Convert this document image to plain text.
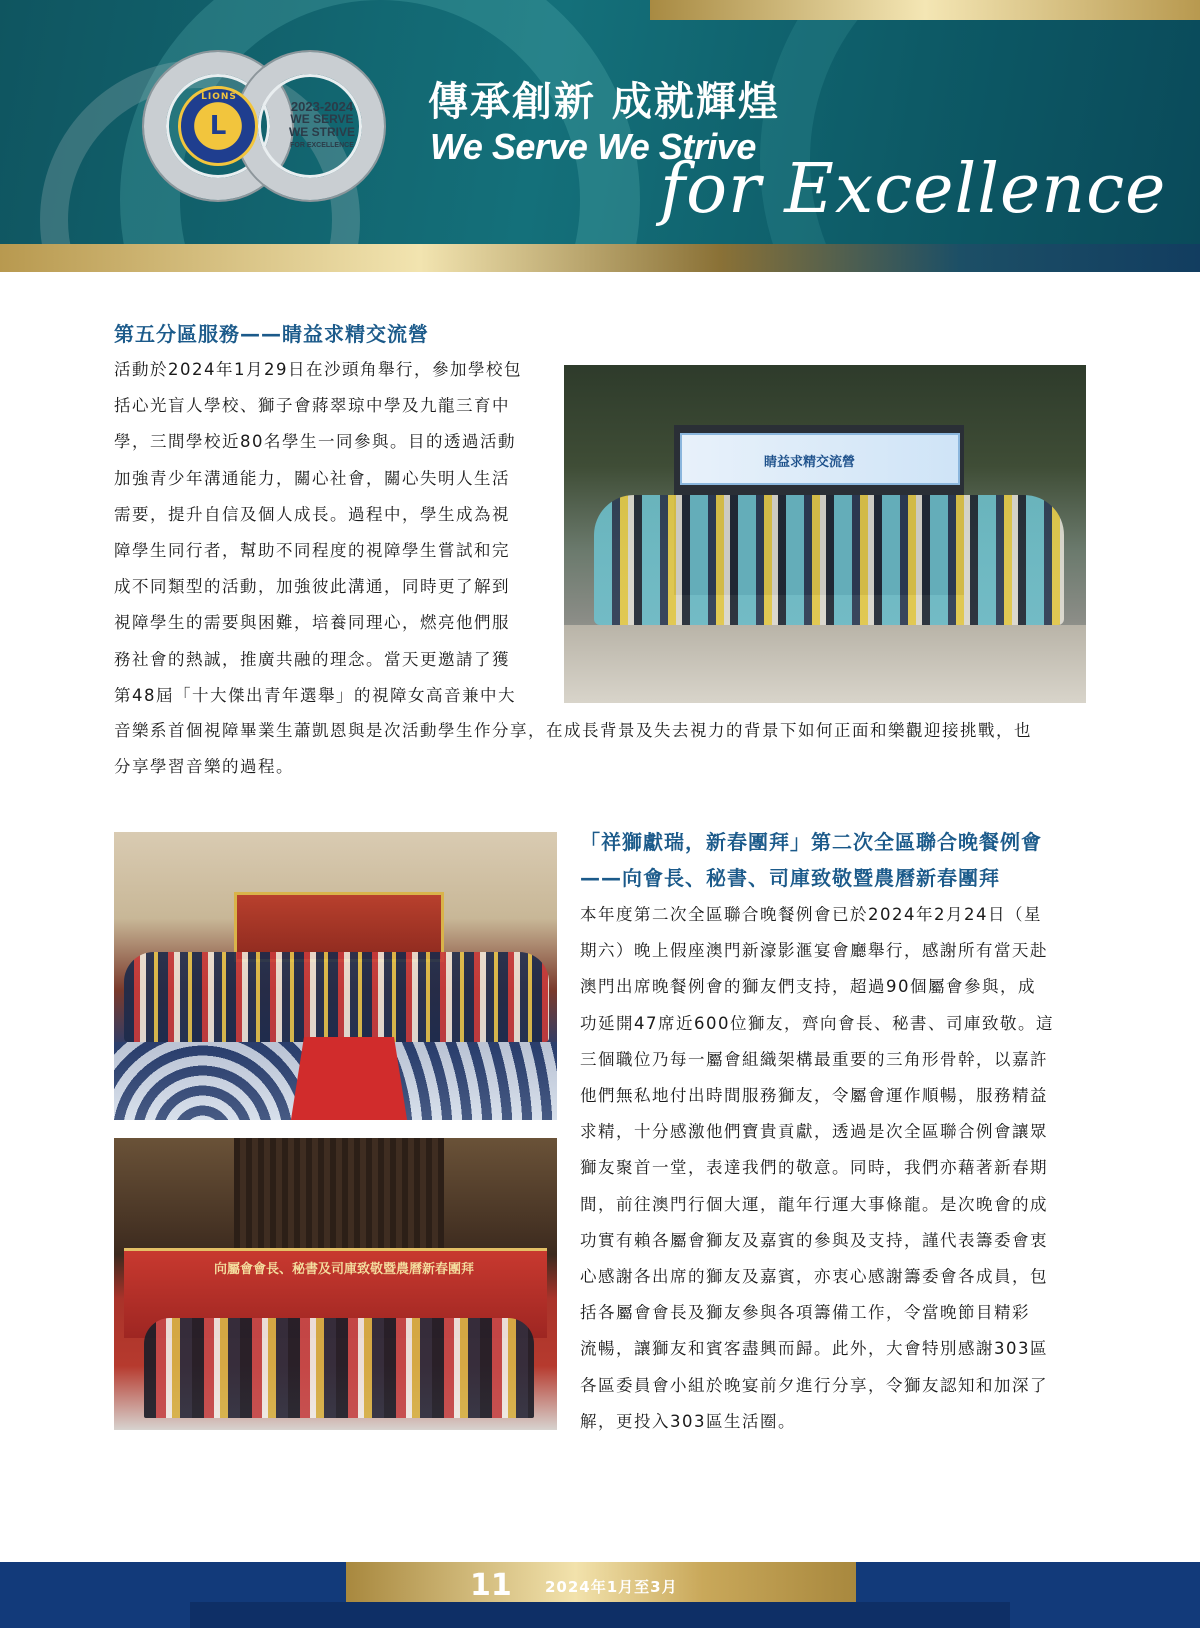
L
LIONS
2023-2024
WE SERVE
WE STRIVE
FOR EXCELLENCE
傳承創新 成就輝煌
We Serve We Strive
for Excellence
第五分區服務——睛益求精交流營
活動於2024年1月29日在沙頭角舉行，參加學校包
括心光盲人學校、獅子會蔣翠琼中學及九龍三育中
學，三間學校近80名學生一同參與。目的透過活動
加強青少年溝通能力，關心社會，關心失明人生活
需要，提升自信及個人成長。過程中，學生成為視
障學生同行者，幫助不同程度的視障學生嘗試和完
成不同類型的活動，加強彼此溝通，同時更了解到
視障學生的需要與困難，培養同理心，燃亮他們服
務社會的熱誠，推廣共融的理念。當天更邀請了獲
第48屆「十大傑出青年選舉」的視障女高音兼中大
音樂系首個視障畢業生蕭凱恩與是次活動學生作分享，在成長背景及失去視力的背景下如何正面和樂觀迎接挑戰，也
分享學習音樂的過程。
睛益求精交流營
「祥獅獻瑞，新春團拜」第二次全區聯合晚餐例會
——向會長、秘書、司庫致敬暨農曆新春團拜
本年度第二次全區聯合晚餐例會已於2024年2月24日（星
期六）晚上假座澳門新濠影滙宴會廳舉行，感謝所有當天赴
澳門出席晚餐例會的獅友們支持，超過90個屬會參與，成
功延開47席近600位獅友，齊向會長、秘書、司庫致敬。這
三個職位乃每一屬會組織架構最重要的三角形骨幹，以嘉許
他們無私地付出時間服務獅友，令屬會運作順暢，服務精益
求精，十分感激他們寶貴貢獻，透過是次全區聯合例會讓眾
獅友聚首一堂，表達我們的敬意。同時，我們亦藉著新春期
間，前往澳門行個大運，龍年行運大事條龍。是次晚會的成
功實有賴各屬會獅友及嘉賓的參與及支持，謹代表籌委會衷
心感謝各出席的獅友及嘉賓，亦衷心感謝籌委會各成員，包
括各屬會會長及獅友參與各項籌備工作，令當晚節目精彩
流暢，讓獅友和賓客盡興而歸。此外，大會特別感謝303區
各區委員會小組於晚宴前夕進行分享，令獅友認知和加深了
解，更投入303區生活圈。
向屬會會長、秘書及司庫致敬暨農曆新春團拜
11 2024年1月至3月
